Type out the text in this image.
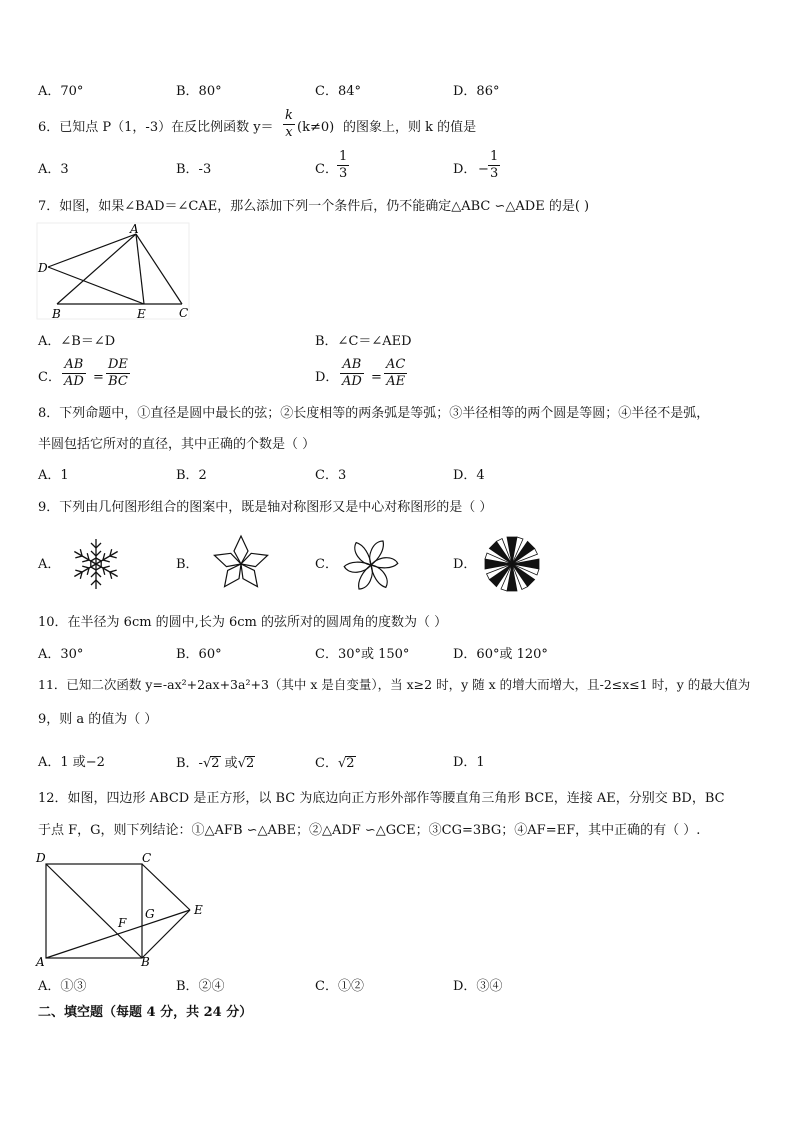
A．70°	B．80°	C．84°	D．86°
6．已知点 P（1，-3）在反比例函数 $y= \frac{k}{x} (k\ne 0)$ 的图象上，则 k 的值是
A．3	B．-3	C． $\frac{1}{3}$	D． − $\frac{1}{3}$
7．如图，如果∠BAD＝∠CAE，那么添加下列一个条件后，仍不能确定△ABC ∽△ADE 的是( )
A
B	C
D
E
A．∠B＝∠D	B．∠C＝∠AED
C． $\frac{AB}{AD} = \frac{DE}{BC}$	D． $\frac{AB}{AD} = \frac{AC}{AE}$
8．下列命题中，①直径是圆中最长的弦；②长度相等的两条弧是等弧；③半径相等的两个圆是等圆；④半径不是弧，
半圆包括它所对的直径，其中正确的个数是（ ）
A．1	B．2	C．3	D．4
9．下列由几何图形组合的图案中，既是轴对称图形又是中心对称图形的是（ ）
A．	B．	C．	D．
10．在半径为 6cm 的圆中,长为 6cm 的弦所对的圆周角的度数为（ ）
A．30°	B．60°	C．30°或 150°	D．60°或 120°
11．已知二次函数 y=-ax²+2ax+3a²+3（其中 x 是自变量），当 x≥2 时，y 随 x 的增大而增大，且-2≤x≤1 时，y 的最大值为
9，则 a 的值为（ ）
A．1 或−2	B．-√2 或√2	C．√2	D．1
12．如图，四边形 ABCD 是正方形，以 BC 为底边向正方形外部作等腰直角三角形 BCE，连接 AE，分别交 BD，BC
于点 F，G，则下列结论：①△AFB ∽△ABE；②△ADF ∽△GCE；③CG=3BG；④AF=EF，其中正确的有（ ）.
D	C
A	B
E
F
G
A．①③	B．②④	C．①②	D．③④
二、填空题（每题 4 分，共 24 分）
